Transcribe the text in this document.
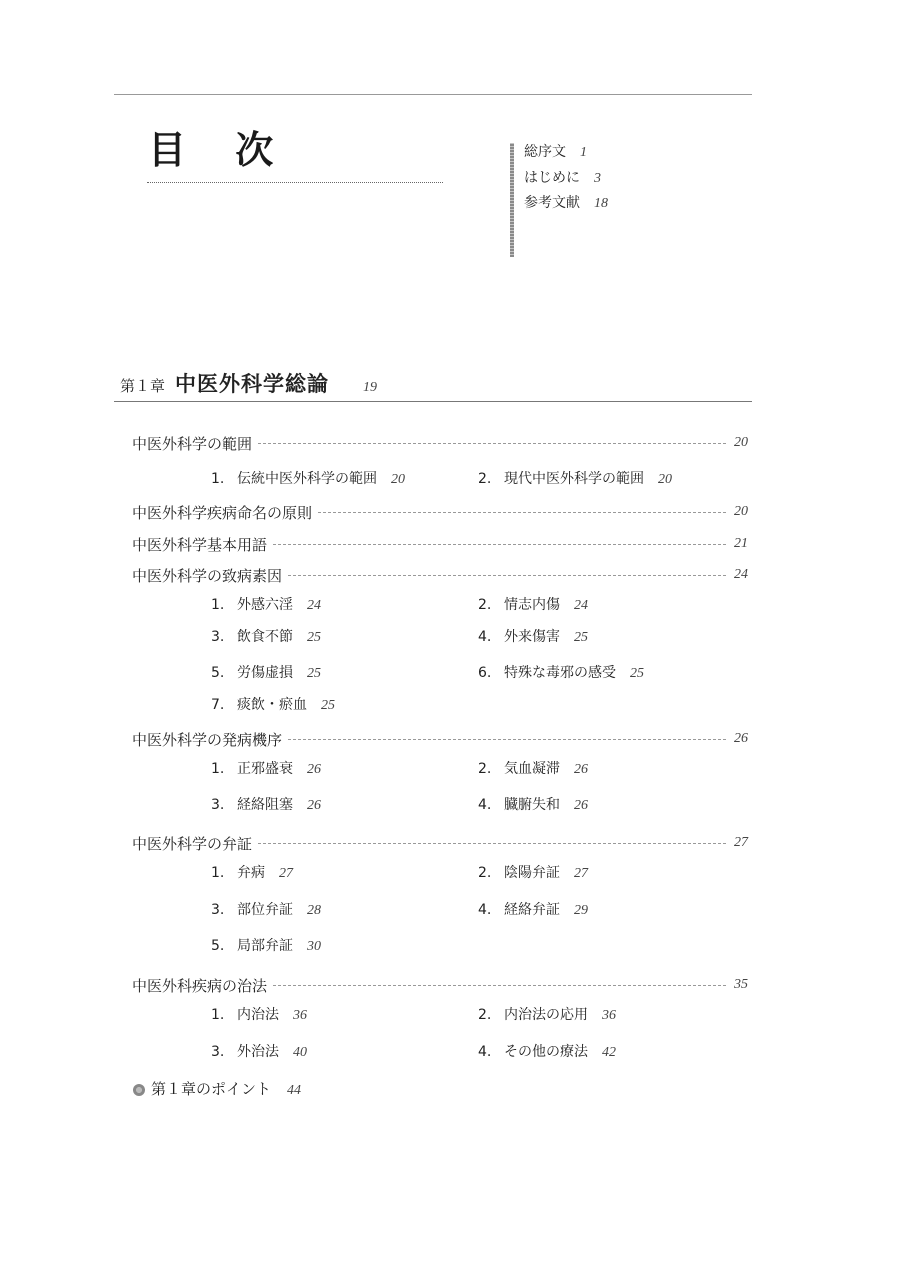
目 次	総序文 1
はじめに 3
参考文献 18
第１章 中医外科学総論 19
中医外科学の範囲	20
1. 伝統中医外科学の範囲 20	2. 現代中医外科学の範囲 20
中医外科学疾病命名の原則	20
中医外科学基本用語	21
中医外科学の致病素因	24
1. 外感六淫 24	2. 情志内傷 24
3. 飲食不節 25	4. 外来傷害 25
5. 労傷虚損 25	6. 特殊な毒邪の感受 25
7. 痰飲・瘀血 25
中医外科学の発病機序	26
1. 正邪盛衰 26	2. 気血凝滞 26
3. 経絡阻塞 26	4. 臓腑失和 26
中医外科学の弁証	27
1. 弁病 27	2. 陰陽弁証 27
3. 部位弁証 28	4. 経絡弁証 29
5. 局部弁証 30
中医外科疾病の治法	35
1. 内治法 36	2. 内治法の応用 36
3. 外治法 40	4. その他の療法 42
第１章のポイント 44
